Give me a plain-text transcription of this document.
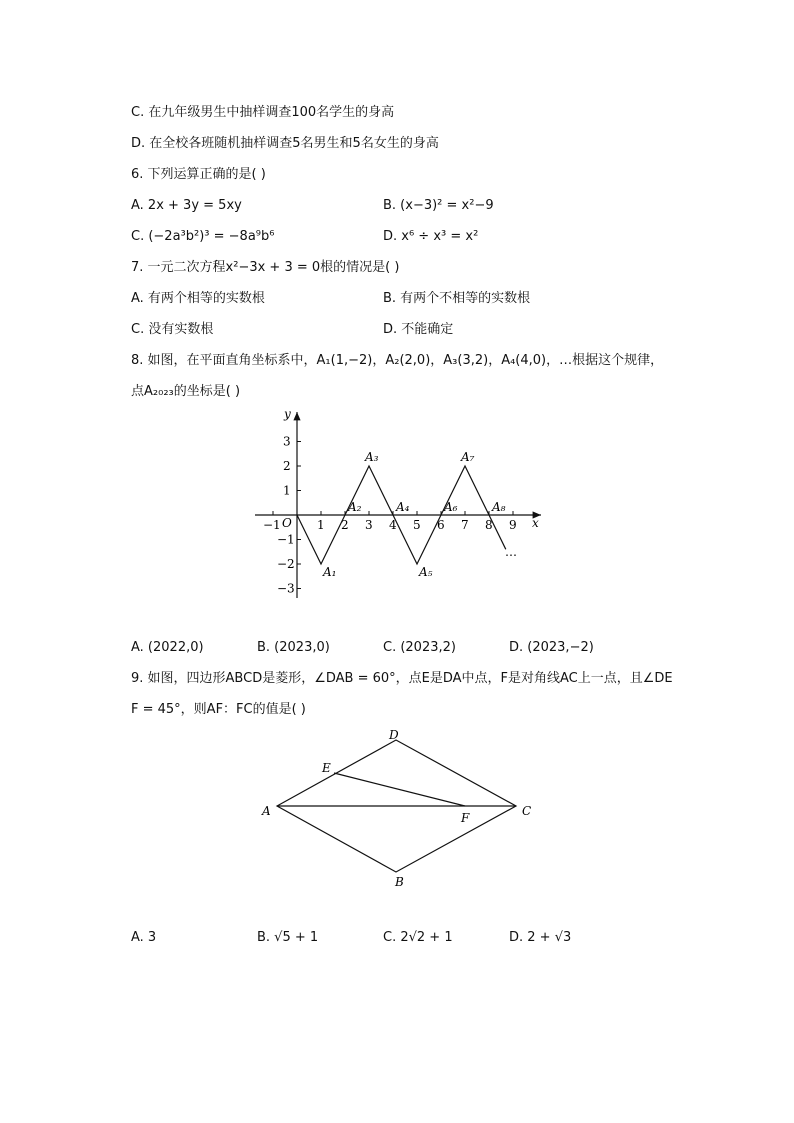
C. 在九年级男生中抽样调查100名学生的身高
D. 在全校各班随机抽样调查5名男生和5名女生的身高
6. 下列运算正确的是( )
A. 2x + 3y = 5xy	B. (x−3)² = x²−9
C. (−2a³b²)³ = −8a⁹b⁶	D. x⁶ ÷ x³ = x²
7. 一元二次方程x²−3x + 3 = 0根的情况是( )
A. 有两个相等的实数根	B. 有两个不相等的实数根
C. 没有实数根	D. 不能确定
8. 如图，在平面直角坐标系中，A₁(1,−2)，A₂(2,0)，A₃(3,2)，A₄(4,0)，…根据这个规律，
点A₂₀₂₃的坐标是( )
x
y
O
−1	1 2 3 4 5 6 7 8 9
3
2
1
−1
−2
−3
A₁
A₂
A₃
A₄
A₅
A₆
A₇
A₈
…
A. (2022,0)	B. (2023,0)	C. (2023,2)	D. (2023,−2)
9. 如图，四边形ABCD是菱形，∠DAB = 60°，点E是DA中点，F是对角线AC上一点，且∠DE
F = 45°，则AF：FC的值是( )
A
B
C
D
E
F
A. 3	B. √5 + 1	C. 2√2 + 1	D. 2 + √3
